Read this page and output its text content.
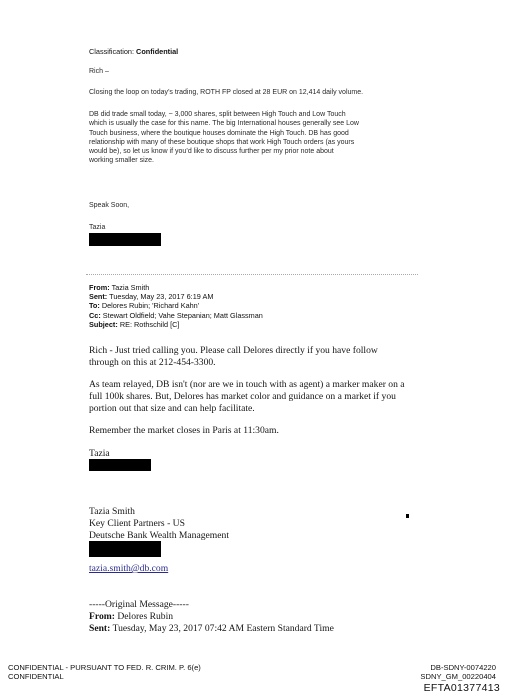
Classification: Confidential
Rich –
Closing the loop on today’s trading, ROTH FP closed at 28 EUR on 12,414 daily volume.
DB did trade small today, ~ 3,000 shares, split between High Touch and Low Touch
which is usually the case for this name. The big International houses generally see Low
Touch business, where the boutique houses dominate the High Touch. DB has good
relationship with many of these boutique shops that work High Touch orders (as yours
would be), so let us know if you’d like to discuss further per my prior note about
working smaller size.
Speak Soon,
Tazia
From: Tazia Smith
Sent: Tuesday, May 23, 2017 6:19 AM
To: Delores Rubin; 'Richard Kahn'
Cc: Stewart Oldfield; Vahe Stepanian; Matt Glassman
Subject: RE: Rothschild [C]
Rich - Just tried calling you. Please call Delores directly if you have follow
through on this at 212-454-3300.
As team relayed, DB isn't (nor are we in touch with as agent) a marker maker on a
full 100k shares. But, Delores has market color and guidance on a market if you
portion out that size and can help facilitate.
Remember the market closes in Paris at 11:30am.
Tazia
Tazia Smith
Key Client Partners - US
Deutsche Bank Wealth Management
tazia.smith@db.com
-----Original Message-----
From: Delores Rubin
Sent: Tuesday, May 23, 2017 07:42 AM Eastern Standard Time
CONFIDENTIAL - PURSUANT TO FED. R. CRIM. P. 6(e)
CONFIDENTIAL
DB-SDNY-0074220
SDNY_GM_00220404
EFTA01377413
